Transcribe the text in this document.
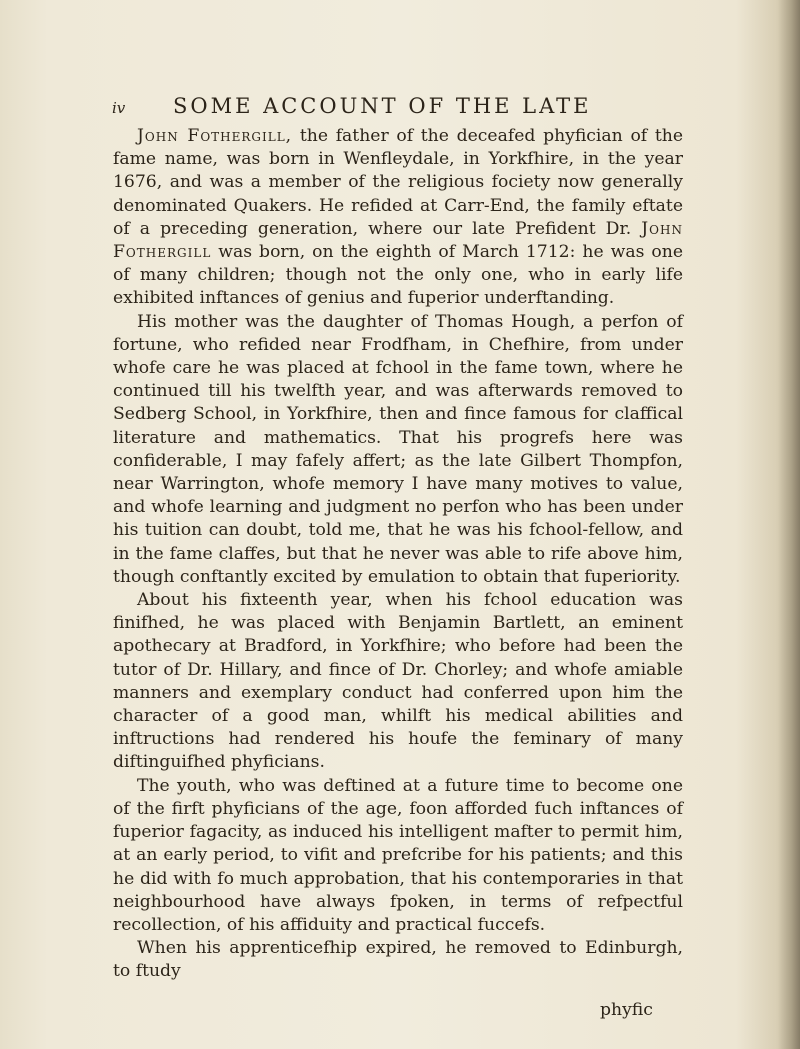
iv SOME ACCOUNT OF THE LATE

John Fothergill, the father of the deceafed phyfician of the fame name, was born in Wenfleydale, in Yorkfhire, in the year 1676, and was a member of the religious fociety now generally denominated Quakers. He refided at Carr-End, the family eftate of a preceding generation, where our late Prefident Dr. John Fothergill was born, on the eighth of March 1712: he was one of many children; though not the only one, who in early life exhibited inftances of genius and fuperior underftanding.

His mother was the daughter of Thomas Hough, a perfon of fortune, who refided near Frodfham, in Chefhire, from under whofe care he was placed at fchool in the fame town, where he continued till his twelfth year, and was afterwards removed to Sedberg School, in Yorkfhire, then and fince famous for claffical literature and mathematics. That his progrefs here was confiderable, I may fafely affert; as the late Gilbert Thompfon, near Warrington, whofe memory I have many motives to value, and whofe learning and judgment no perfon who has been under his tuition can doubt, told me, that he was his fchool-fellow, and in the fame claffes, but that he never was able to rife above him, though conftantly excited by emulation to obtain that fuperiority.

About his fixteenth year, when his fchool education was finifhed, he was placed with Benjamin Bartlett, an eminent apothecary at Bradford, in Yorkfhire; who before had been the tutor of Dr. Hillary, and fince of Dr. Chorley; and whofe amiable manners and exemplary conduct had conferred upon him the character of a good man, whilft his medical abilities and inftructions had rendered his houfe the feminary of many diftinguifhed phyficians.

The youth, who was deftined at a future time to become one of the firft phyficians of the age, foon afforded fuch inftances of fuperior fagacity, as induced his intelligent mafter to permit him, at an early period, to vifit and prefcribe for his patients; and this he did with fo much approbation, that his contemporaries in that neighbourhood have always fpoken, in terms of refpectful recollection, of his affiduity and practical fuccefs.

When his apprenticefhip expired, he removed to Edinburgh, to ftudy

phyfic
